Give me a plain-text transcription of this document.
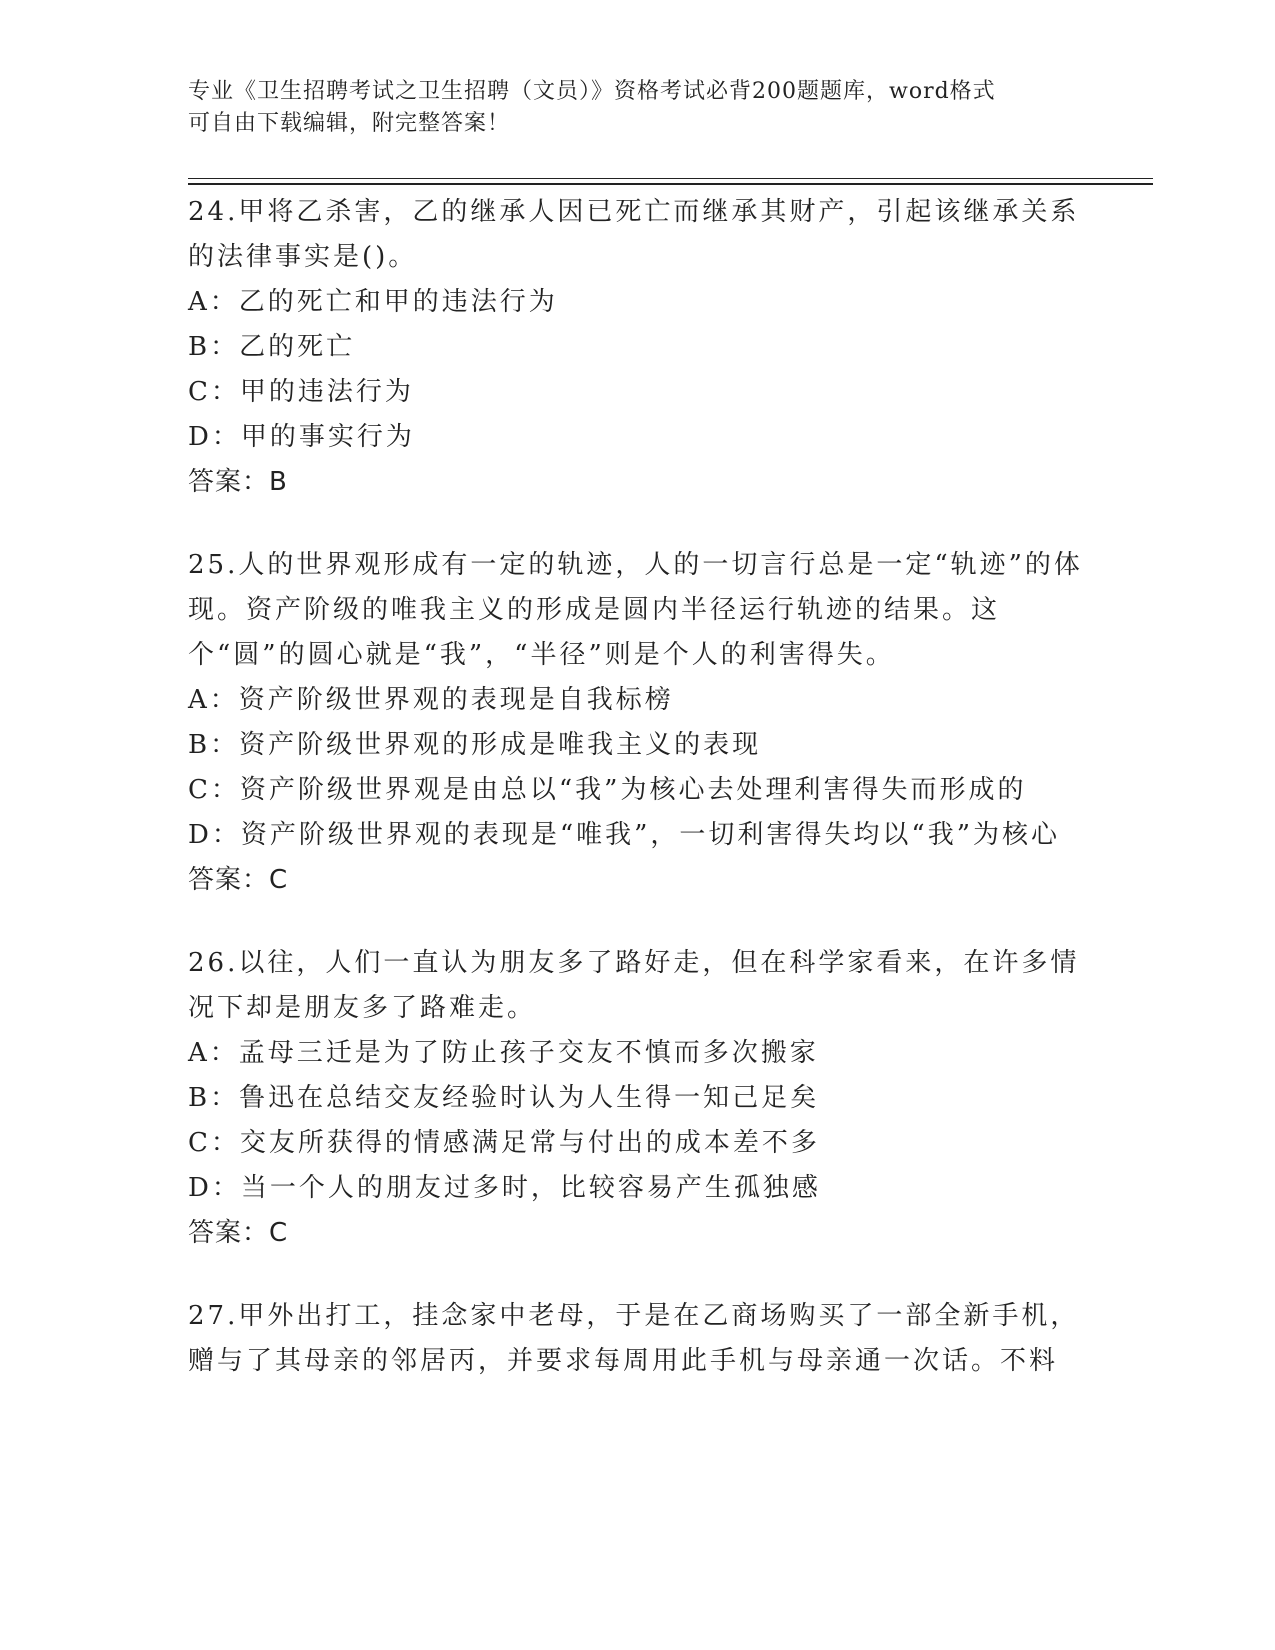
专业《卫生招聘考试之卫生招聘（文员）》资格考试必背200题题库，word格式
可自由下载编辑，附完整答案！

24.甲将乙杀害，乙的继承人因已死亡而继承其财产，引起该继承关系的法律事实是()。

A：乙的死亡和甲的违法行为

B：乙的死亡

C：甲的违法行为

D：甲的事实行为

答案：B

25.人的世界观形成有一定的轨迹，人的一切言行总是一定“轨迹”的体现。资产阶级的唯我主义的形成是圆内半径运行轨迹的结果。这个“圆”的圆心就是“我”，“半径”则是个人的利害得失。

A：资产阶级世界观的表现是自我标榜

B：资产阶级世界观的形成是唯我主义的表现

C：资产阶级世界观是由总以“我”为核心去处理利害得失而形成的

D：资产阶级世界观的表现是“唯我”，一切利害得失均以“我”为核心

答案：C

26.以往，人们一直认为朋友多了路好走，但在科学家看来，在许多情况下却是朋友多了路难走。

A：孟母三迁是为了防止孩子交友不慎而多次搬家

B：鲁迅在总结交友经验时认为人生得一知己足矣

C：交友所获得的情感满足常与付出的成本差不多

D：当一个人的朋友过多时，比较容易产生孤独感

答案：C

27.甲外出打工，挂念家中老母，于是在乙商场购买了一部全新手机，赠与了其母亲的邻居丙，并要求每周用此手机与母亲通一次话。不料
